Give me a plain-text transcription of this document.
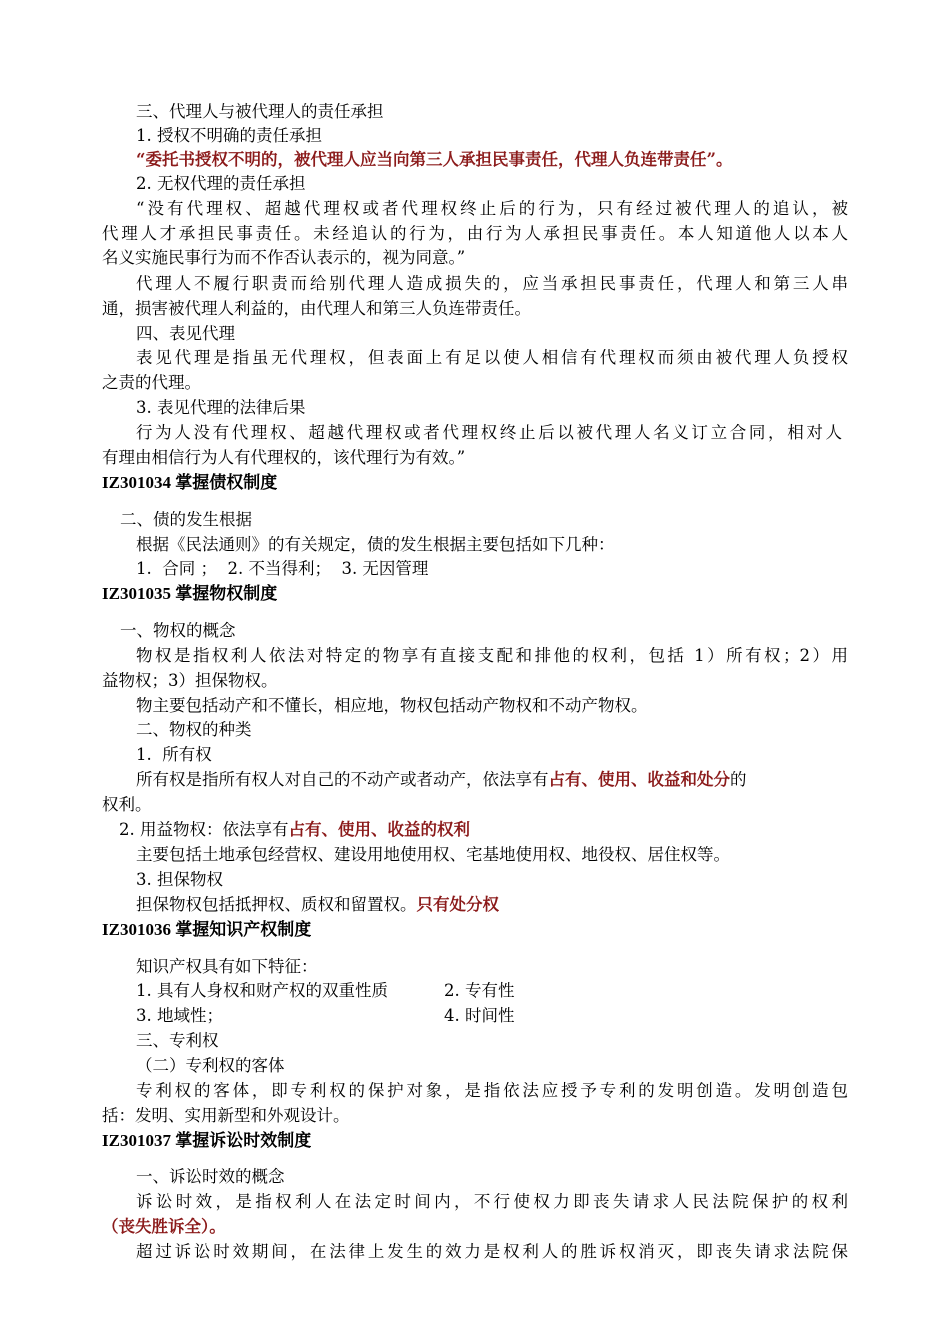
三、代理人与被代理人的责任承担
1. 授权不明确的责任承担
“委托书授权不明的，被代理人应当向第三人承担民事责任，代理人负连带责任”。
2. 无权代理的责任承担
“没有代理权、超越代理权或者代理权终止后的行为，只有经过被代理人的追认，被
代理人才承担民事责任。未经追认的行为，由行为人承担民事责任。本人知道他人以本人
名义实施民事行为而不作否认表示的，视为同意。”
代理人不履行职责而给别代理人造成损失的，应当承担民事责任，代理人和第三人串
通，损害被代理人利益的，由代理人和第三人负连带责任。
四、表见代理
表见代理是指虽无代理权，但表面上有足以使人相信有代理权而须由被代理人负授权
之责的代理。
3. 表见代理的法律后果
行为人没有代理权、超越代理权或者代理权终止后以被代理人名义订立合同，相对人
有理由相信行为人有代理权的，该代理行为有效。”
IZ301034 掌握债权制度
二、债的发生根据
根据《民法通则》的有关规定，债的发生根据主要包括如下几种：
1.  合同 ；  2. 不当得利；  3. 无因管理
IZ301035 掌握物权制度
一、物权的概念
物权是指权利人依法对特定的物享有直接支配和排他的权利，包括 1）所有权；2）用
益物权；3）担保物权。
物主要包括动产和不懂长，相应地，物权包括动产物权和不动产物权。
二、物权的种类
1.  所有权
所有权是指所有权人对自己的不动产或者动产，依法享有占有、使用、收益和处分的
权利。
2. 用益物权：依法享有占有、使用、收益的权利
主要包括土地承包经营权、建设用地使用权、宅基地使用权、地役权、居住权等。
3. 担保物权
担保物权包括抵押权、质权和留置权。只有处分权
IZ301036 掌握知识产权制度
知识产权具有如下特征：
1. 具有人身权和财产权的双重性质	2. 专有性
3. 地域性；	4. 时间性
三、专利权
（二）专利权的客体
专利权的客体，即专利权的保护对象，是指依法应授予专利的发明创造。发明创造包
括：发明、实用新型和外观设计。
IZ301037 掌握诉讼时效制度
一、诉讼时效的概念
诉讼时效，是指权利人在法定时间内，不行使权力即丧失请求人民法院保护的权利
（丧失胜诉全）。
超过诉讼时效期间，在法律上发生的效力是权利人的胜诉权消灭，即丧失请求法院保
